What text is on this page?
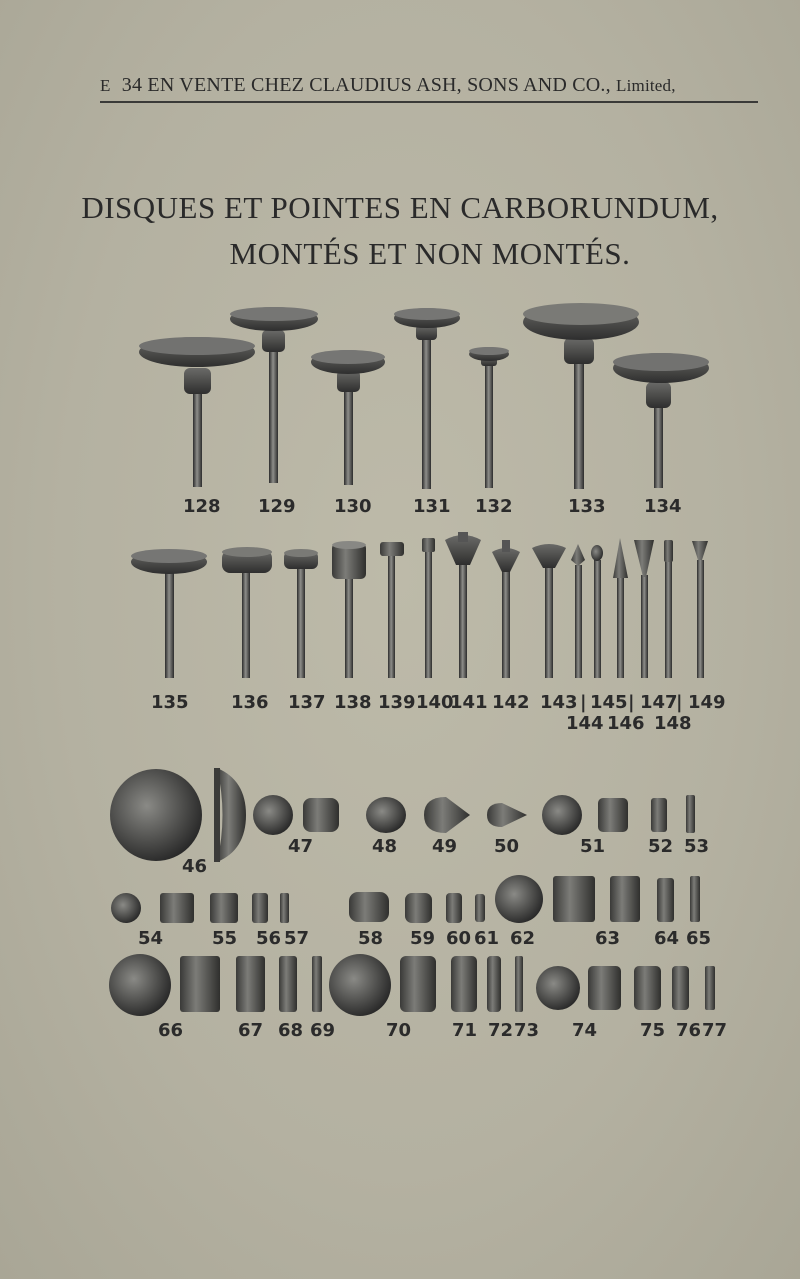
E 34 EN VENTE CHEZ CLAUDIUS ASH, SONS AND CO., Limited,
DISQUES ET POINTES EN CARBORUNDUM,
MONTÉS ET NON MONTÉS.
128 129 130 131 132	133 134
135 136 137 138 139 140
141 142 143 | 145 | 147
| 149
144 146 148
46
47	48 49 50	51 52 53
54	55 56 57	58 59 60 61 62	63 64 65
66	67 68 69	70 71 72 73 74 75 76 77
